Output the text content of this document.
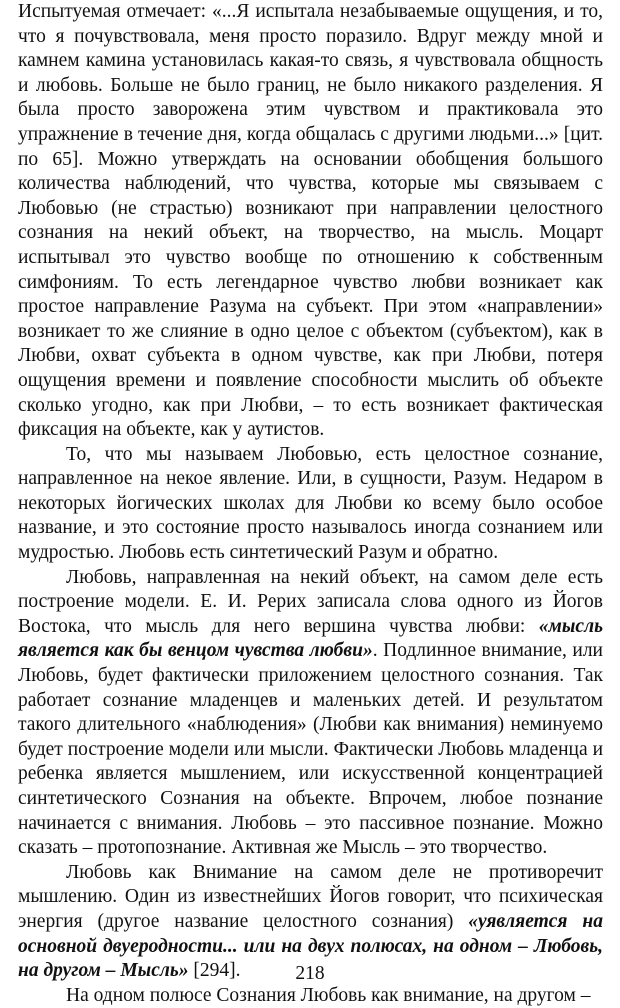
Испытуемая отмечает: «...Я испытала незабываемые ощущения, и то, что я почувствовала, меня просто поразило. Вдруг между мной и камнем камина установилась какая-то связь, я чувствовала общность и любовь. Больше не было границ, не было никакого разделения. Я была просто заворожена этим чувством и практиковала это упражнение в течение дня, когда общалась с другими людьми...» [цит. по 65]. Можно утверждать на основании обобщения большого количества наблюдений, что чувства, которые мы связываем с Любовью (не страстью) возникают при направлении целостного сознания на некий объект, на творчество, на мысль. Моцарт испытывал это чувство вообще по отношению к собственным симфониям. То есть легендарное чувство любви возникает как простое направление Разума на субъект. При этом «направлении» возникает то же слияние в одно целое с объектом (субъектом), как в Любви, охват субъекта в одном чувстве, как при Любви, потеря ощущения времени и появление способности мыслить об объекте сколько угодно, как при Любви, – то есть возникает фактическая фиксация на объекте, как у аутистов.

То, что мы называем Любовью, есть целостное сознание, направленное на некое явление. Или, в сущности, Разум. Недаром в некоторых йогических школах для Любви ко всему было особое название, и это состояние просто называлось иногда сознанием или мудростью. Любовь есть синтетический Разум и обратно.

Любовь, направленная на некий объект, на самом деле есть построение модели. Е. И. Рерих записала слова одного из Йогов Востока, что мысль для него вершина чувства любви: «мысль является как бы венцом чувства любви». Подлинное внимание, или Любовь, будет фактически приложением целостного сознания. Так работает сознание младенцев и маленьких детей. И результатом такого длительного «наблюдения» (Любви как внимания) неминуемо будет построение модели или мысли. Фактически Любовь младенца и ребенка является мышлением, или искусственной концентрацией синтетического Сознания на объекте. Впрочем, любое познание начинается с внимания. Любовь – это пассивное познание. Можно сказать – протопознание. Активная же Мысль – это творчество.

Любовь как Внимание на самом деле не противоречит мышлению. Один из известнейших Йогов говорит, что психическая энергия (другое название целостного сознания) «уявляется на основной двуеродности... или на двух полюсах, на одном – Любовь, на другом – Мысль» [294].

На одном полюсе Сознания Любовь как внимание, на другом –

218
